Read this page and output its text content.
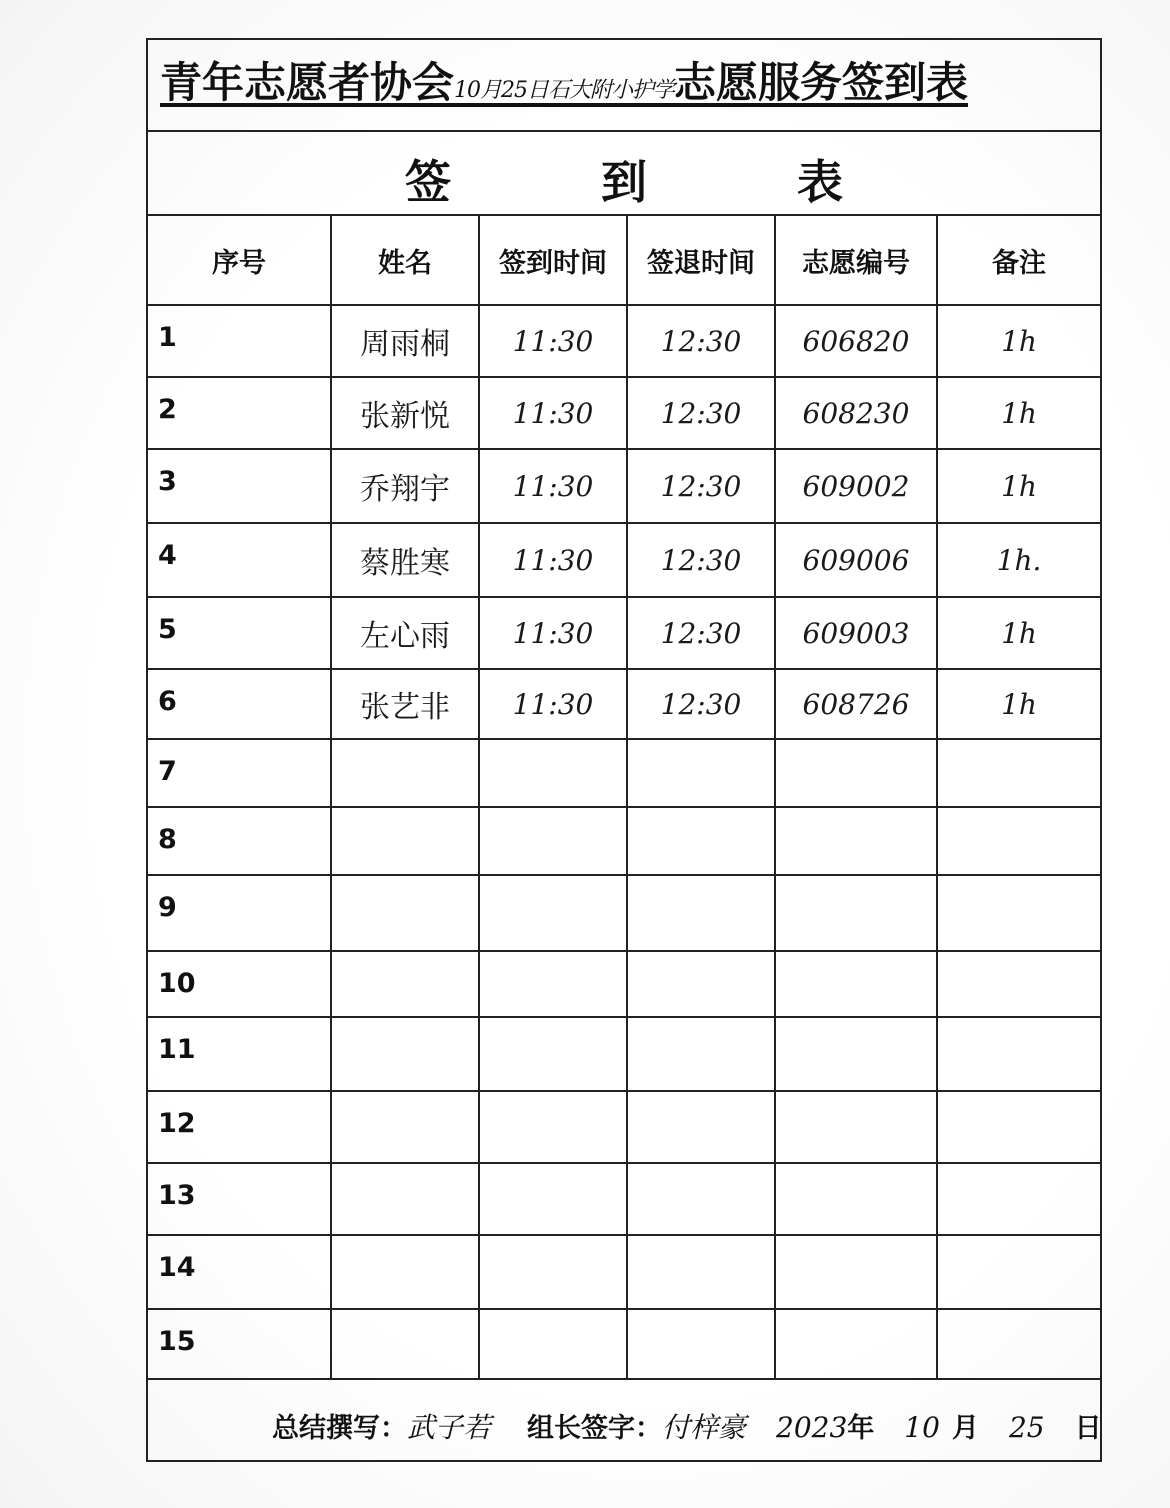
青年志愿者协会10月25日石大附小护学志愿服务签到表
签到表
序号	姓名	签到时间	签退时间	志愿编号	备注
1	周雨桐	11:30	12:30	606820	1h
2	张新悦	11:30	12:30	608230	1h
3	乔翔宇	11:30	12:30	609002	1h
4	蔡胜寒	11:30	12:30	609006	1h.
5	左心雨	11:30	12:30	609003	1h
6	张艺非	11:30	12:30	608726	1h
7					
8					
9					
10					
11					
12					
13					
14					
15					
总结撰写：武子若 组长签字：付梓豪 2023年 10 月 25 日
